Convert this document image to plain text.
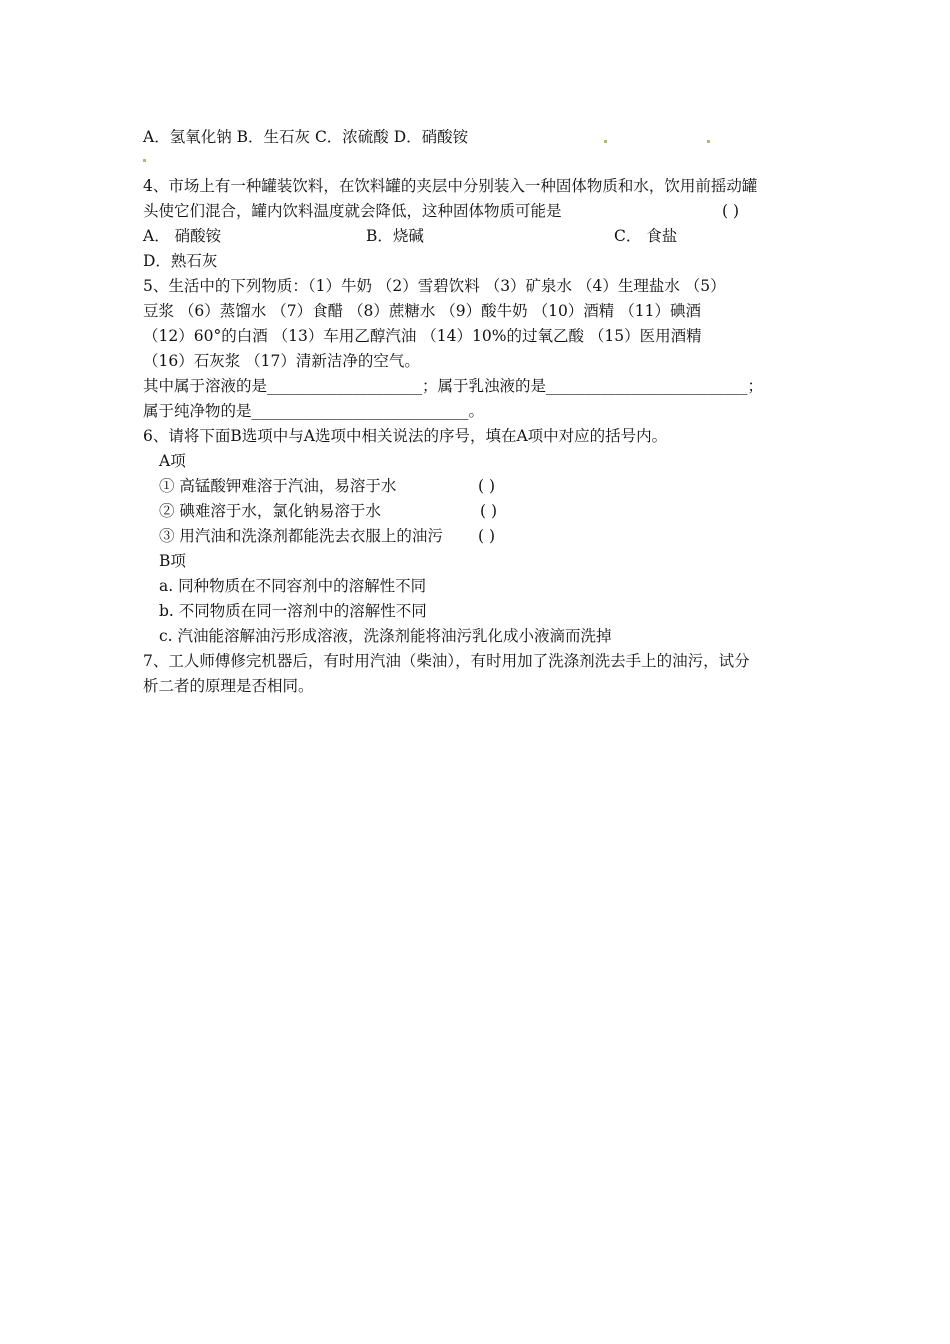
A．氢氧化钠 B．生石灰 C．浓硫酸 D．硝酸铵
4、市场上有一种罐装饮料，在饮料罐的夹层中分别装入一种固体物质和水，饮用前摇动罐
头使它们混合，罐内饮料温度就会降低，这种固体物质可能是	( )
A． 硝酸铵	B．烧碱	C． 食盐
D．熟石灰
5、生活中的下列物质：（1）牛奶 （2）雪碧饮料 （3）矿泉水 （4）生理盐水 （5）
豆浆 （6）蒸馏水 （7）食醋 （8）蔗糖水 （9）酸牛奶 （10）酒精 （11）碘酒
（12）60°的白酒 （13）车用乙醇汽油 （14）10%的过氧乙酸 （15）医用酒精
（16）石灰浆 （17）清新洁净的空气。
其中属于溶液的是____________________；属于乳浊液的是__________________________；
属于纯净物的是____________________________。
6、请将下面B选项中与A选项中相关说法的序号，填在A项中对应的括号内。
A项
① 高锰酸钾难溶于汽油，易溶于水	( )
② 碘难溶于水，氯化钠易溶于水	( )
③ 用汽油和洗涤剂都能洗去衣服上的油污 ( )
B项
a. 同种物质在不同容剂中的溶解性不同
b. 不同物质在同一溶剂中的溶解性不同
c. 汽油能溶解油污形成溶液，洗涤剂能将油污乳化成小液滴而洗掉
7、工人师傅修完机器后，有时用汽油（柴油），有时用加了洗涤剂洗去手上的油污，试分
析二者的原理是否相同。
